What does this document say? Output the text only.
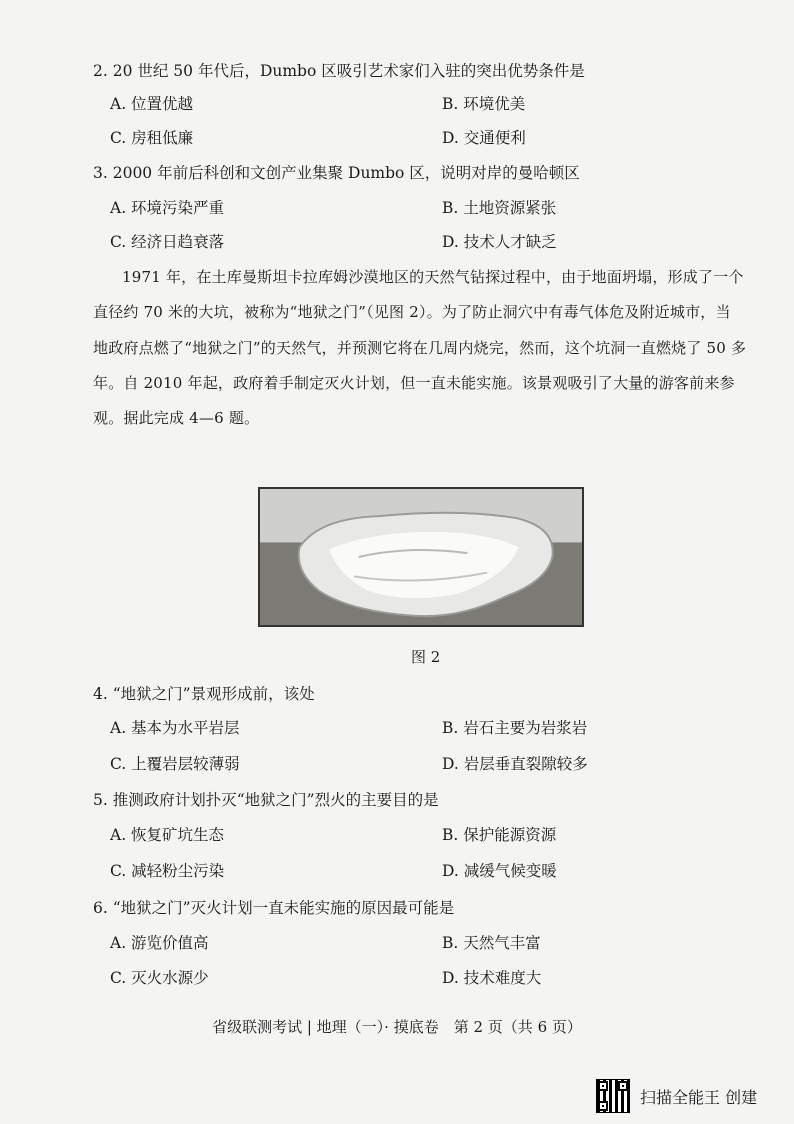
2. 20 世纪 50 年代后，Dumbo 区吸引艺术家们入驻的突出优势条件是
A. 位置优越	B. 环境优美
C. 房租低廉	D. 交通便利
3. 2000 年前后科创和文创产业集聚 Dumbo 区，说明对岸的曼哈顿区
A. 环境污染严重	B. 土地资源紧张
C. 经济日趋衰落	D. 技术人才缺乏
1971 年，在土库曼斯坦卡拉库姆沙漠地区的天然气钻探过程中，由于地面坍塌，形成了一个
直径约 70 米的大坑，被称为“地狱之门”（见图 2）。为了防止洞穴中有毒气体危及附近城市，当
地政府点燃了“地狱之门”的天然气，并预测它将在几周内烧完，然而，这个坑洞一直燃烧了 50 多
年。自 2010 年起，政府着手制定灭火计划，但一直未能实施。该景观吸引了大量的游客前来参
观。据此完成 4—6 题。
图 2
4. “地狱之门”景观形成前，该处
A. 基本为水平岩层	B. 岩石主要为岩浆岩
C. 上覆岩层较薄弱	D. 岩层垂直裂隙较多
5. 推测政府计划扑灭“地狱之门”烈火的主要目的是
A. 恢复矿坑生态	B. 保护能源资源
C. 减轻粉尘污染	D. 减缓气候变暖
6. “地狱之门”灭火计划一直未能实施的原因最可能是
A. 游览价值高	B. 天然气丰富
C. 灭火水源少	D. 技术难度大
省级联测考试 | 地理（一）· 摸底卷　第 2 页（共 6 页）
扫描全能王 创建
